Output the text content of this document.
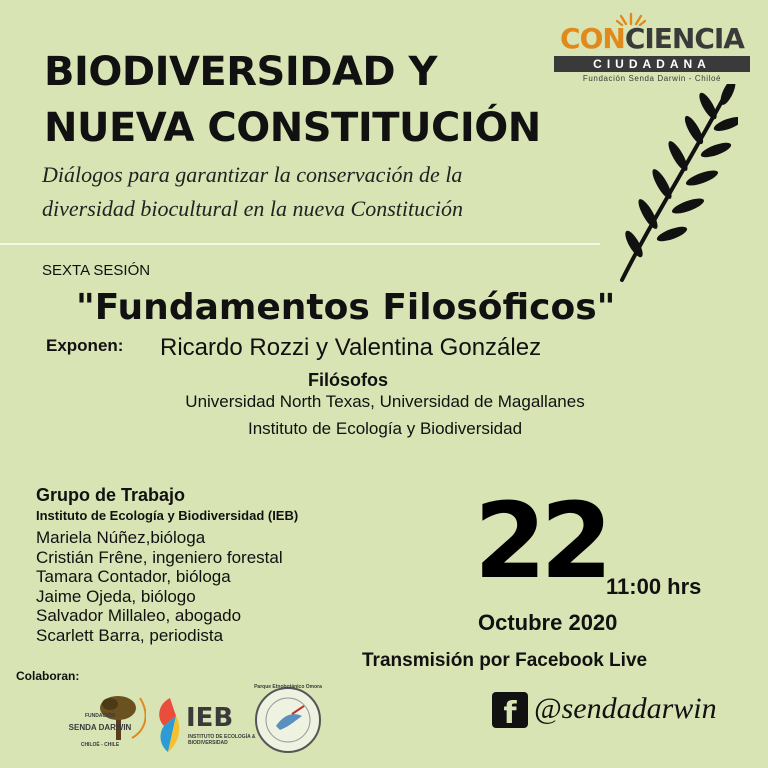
CONCIENCIA
CIUDADANA
Fundación Senda Darwin - Chiloé
BIODIVERSIDAD Y
NUEVA CONSTITUCIÓN
Diálogos para garantizar la conservación de la
diversidad biocultural en la nueva Constitución
SEXTA SESIÓN
"Fundamentos Filosóficos"
Exponen: Ricardo Rozzi y Valentina González
Filósofos
Universidad North Texas, Universidad de Magallanes
Instituto de Ecología y Biodiversidad
Grupo de Trabajo
Instituto de Ecología y Biodiversidad (IEB)
Mariela Núñez,bióloga
Cristián Frêne, ingeniero forestal
Tamara Contador, bióloga
Jaime Ojeda, biólogo
Salvador Millaleo, abogado
Scarlett Barra, periodista
22 11:00 hrs
Octubre 2020
Transmisión por Facebook Live
f @sendadarwin
Colaboran:
FUNDACIÓN
SENDA DARWIN
CHILOÉ - CHILE
IEB
INSTITUTO DE ECOLOGÍA & BIODIVERSIDAD
Parque Etnobotánico Omora
